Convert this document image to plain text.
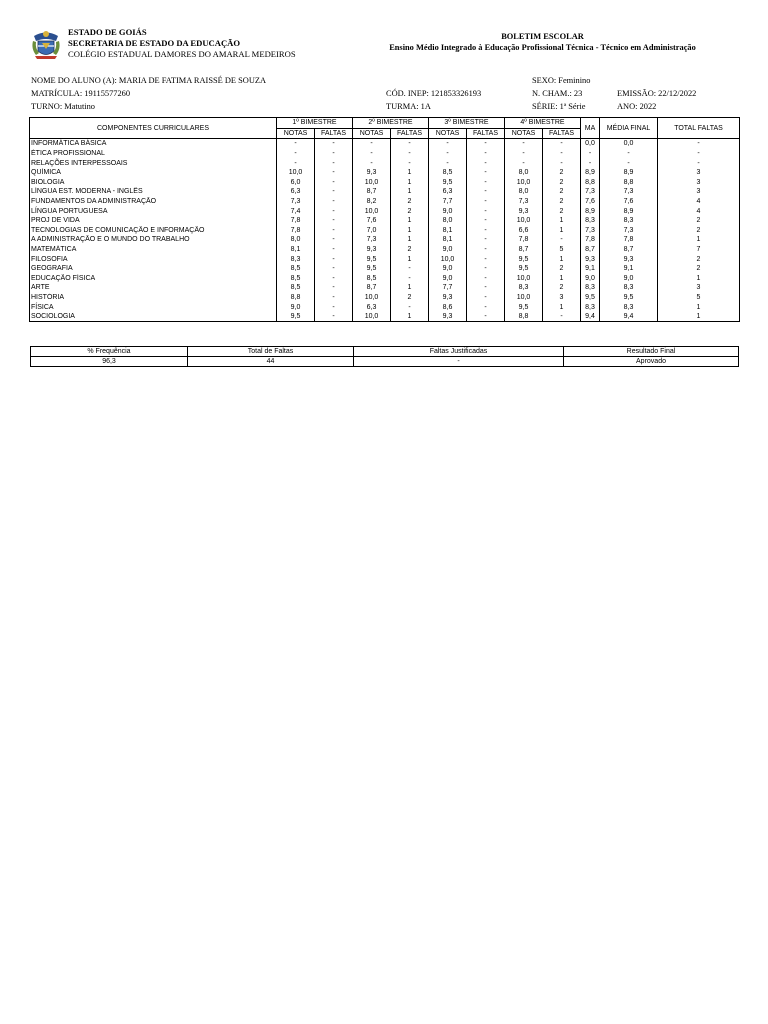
ESTADO DE GOIÁS
SECRETARIA DE ESTADO DA EDUCAÇÃO
COLÉGIO ESTADUAL DAMORES DO AMARAL MEDEIROS
BOLETIM ESCOLAR
Ensino Médio Integrado à Educação Profissional Técnica - Técnico em Administração
NOME DO ALUNO (A): MARIA DE FATIMA RAISSÉ DE SOUZA	SEXO: Feminino
MATRÍCULA: 19115577260	CÓD. INEP: 121853326193	N. CHAM.: 23	EMISSÃO: 22/12/2022
TURNO: Matutino	TURMA: 1A	SÉRIE: 1ª Série	ANO: 2022
COMPONENTES CURRICULARES	1º BIMESTRE		2º BIMESTRE		3º BIMESTRE		4º BIMESTRE		MA	MÉDIA FINAL	TOTAL FALTAS
	NOTAS	FALTAS	NOTAS	FALTAS	NOTAS	FALTAS	NOTAS	FALTAS			
INFORMÁTICA BÁSICA	-	-	-	-	-	-	-	-	0,0	0,0	-
ÉTICA PROFISSIONAL	-	-	-	-	-	-	-	-	-	-	-
RELAÇÕES INTERPESSOAIS	-	-	-	-	-	-	-	-	-	-	-
QUÍMICA	10,0	-	9,3	1	8,5	-	8,0	2	8,9	8,9	3
BIOLOGIA	6,0	-	10,0	1	9,5	-	10,0	2	8,8	8,8	3
LÍNGUA EST. MODERNA - INGLÊS	6,3	-	8,7	1	6,3	-	8,0	2	7,3	7,3	3
FUNDAMENTOS DA ADMINISTRAÇÃO	7,3	-	8,2	2	7,7	-	7,3	2	7,6	7,6	4
LÍNGUA PORTUGUESA	7,4	-	10,0	2	9,0	-	9,3	2	8,9	8,9	4
PROJ DE VIDA	7,8	-	7,6	1	8,0	-	10,0	1	8,3	8,3	2
TECNOLOGIAS DE COMUNICAÇÃO E INFORMAÇÃO	7,8	-	7,0	1	8,1	-	6,6	1	7,3	7,3	2
A ADMINISTRAÇÃO E O MUNDO DO TRABALHO	8,0	-	7,3	1	8,1	-	7,8	-	7,8	7,8	1
MATEMÁTICA	8,1	-	9,3	2	9,0	-	8,7	5	8,7	8,7	7
FILOSOFIA	8,3	-	9,5	1	10,0	-	9,5	1	9,3	9,3	2
GEOGRAFIA	8,5	-	9,5	-	9,0	-	9,5	2	9,1	9,1	2
EDUCAÇÃO FÍSICA	8,5	-	8,5	-	9,0	-	10,0	1	9,0	9,0	1
ARTE	8,5	-	8,7	1	7,7	-	8,3	2	8,3	8,3	3
HISTÓRIA	8,8	-	10,0	2	9,3	-	10,0	3	9,5	9,5	5
FÍSICA	9,0	-	6,3	-	8,6	-	9,5	1	8,3	8,3	1
SOCIOLOGIA	9,5	-	10,0	1	9,3	-	8,8	-	9,4	9,4	1
% Frequência	Total de Faltas	Faltas Justificadas	Resultado Final
96,3	44	-	Aprovado
